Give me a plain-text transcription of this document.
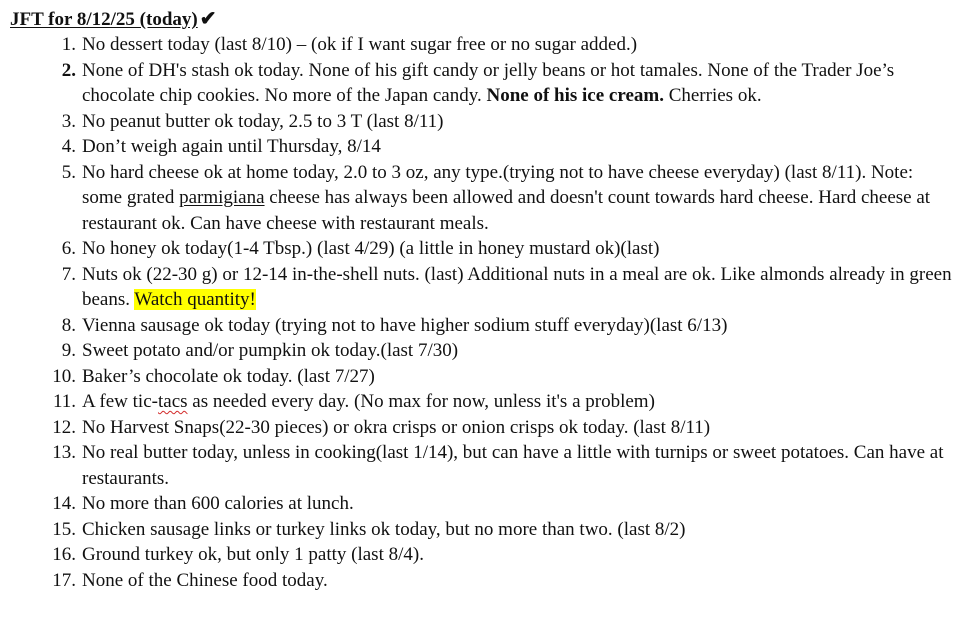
JFT for 8/12/25 (today) ✔
1. No dessert today (last 8/10) – (ok if I want sugar free or no sugar added.)
2. None of DH's stash ok today. None of his gift candy or jelly beans or hot tamales. None of the Trader Joe’s chocolate chip cookies. No more of the Japan candy. None of his ice cream. Cherries ok.
3. No peanut butter ok today, 2.5 to 3 T (last 8/11)
4. Don’t weigh again until Thursday, 8/14
5. No hard cheese ok at home today, 2.0 to 3 oz, any type.(trying not to have cheese everyday) (last 8/11). Note: some grated parmigiana cheese has always been allowed and doesn't count towards hard cheese. Hard cheese at restaurant ok. Can have cheese with restaurant meals.
6. No honey ok today(1-4 Tbsp.) (last 4/29) (a little in honey mustard ok)(last)
7. Nuts ok (22-30 g) or 12-14 in-the-shell nuts. (last) Additional nuts in a meal are ok. Like almonds already in green beans. Watch quantity!
8. Vienna sausage ok today (trying not to have higher sodium stuff everyday)(last 6/13)
9. Sweet potato and/or pumpkin ok today.(last 7/30)
10. Baker’s chocolate ok today. (last 7/27)
11. A few tic-tacs as needed every day. (No max for now, unless it's a problem)
12. No Harvest Snaps(22-30 pieces) or okra crisps or onion crisps ok today. (last 8/11)
13. No real butter today, unless in cooking(last 1/14), but can have a little with turnips or sweet potatoes. Can have at restaurants.
14. No more than 600 calories at lunch.
15. Chicken sausage links or turkey links ok today, but no more than two. (last 8/2)
16. Ground turkey ok, but only 1 patty (last 8/4).
17. None of the Chinese food today.
